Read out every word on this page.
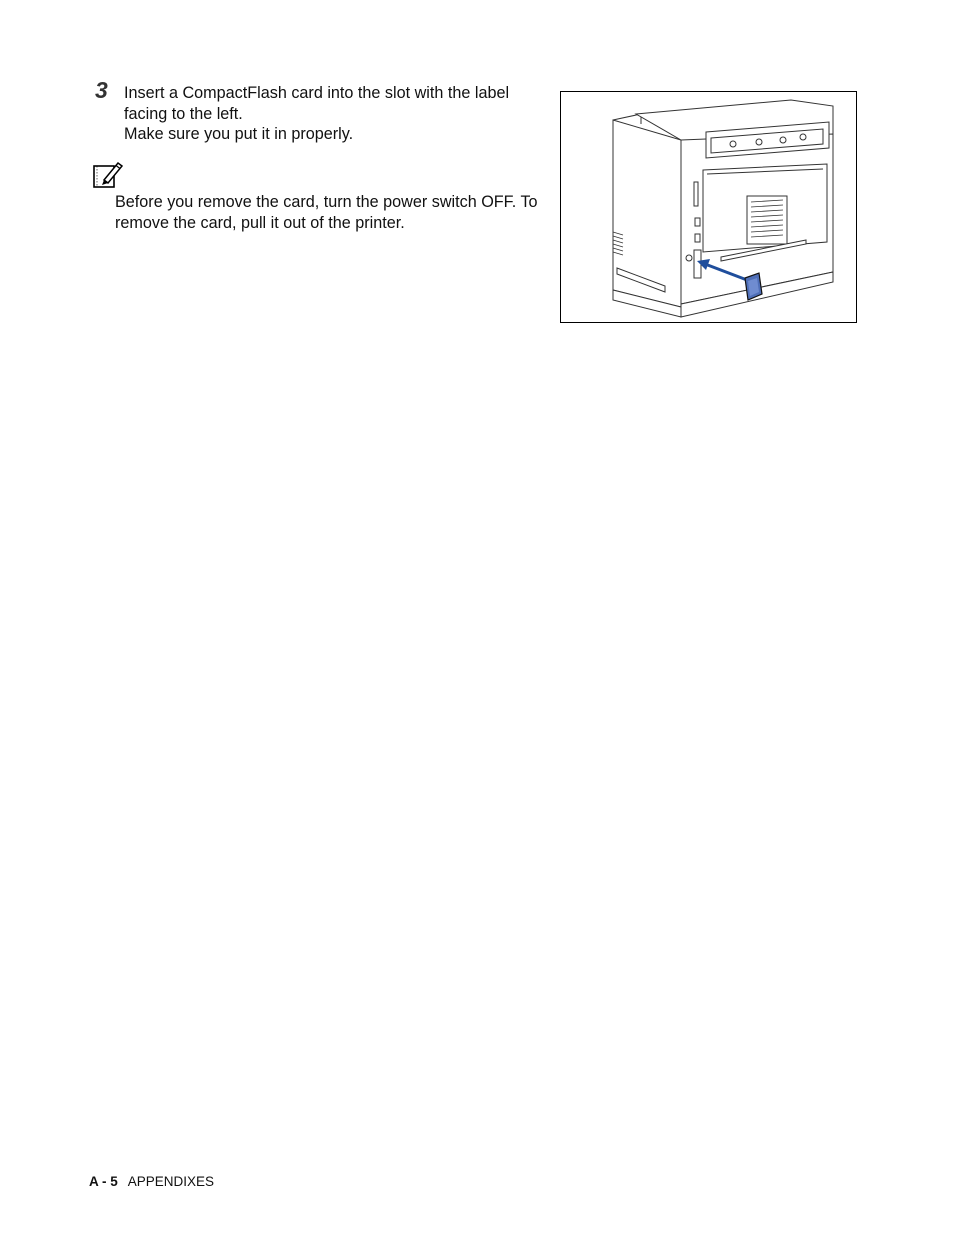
3 Insert a CompactFlash card into the slot with the label facing to the left.

Make sure you put it in properly.

Before you remove the card, turn the power switch OFF. To remove the card, pull it out of the printer.
A - 5 APPENDIXES
